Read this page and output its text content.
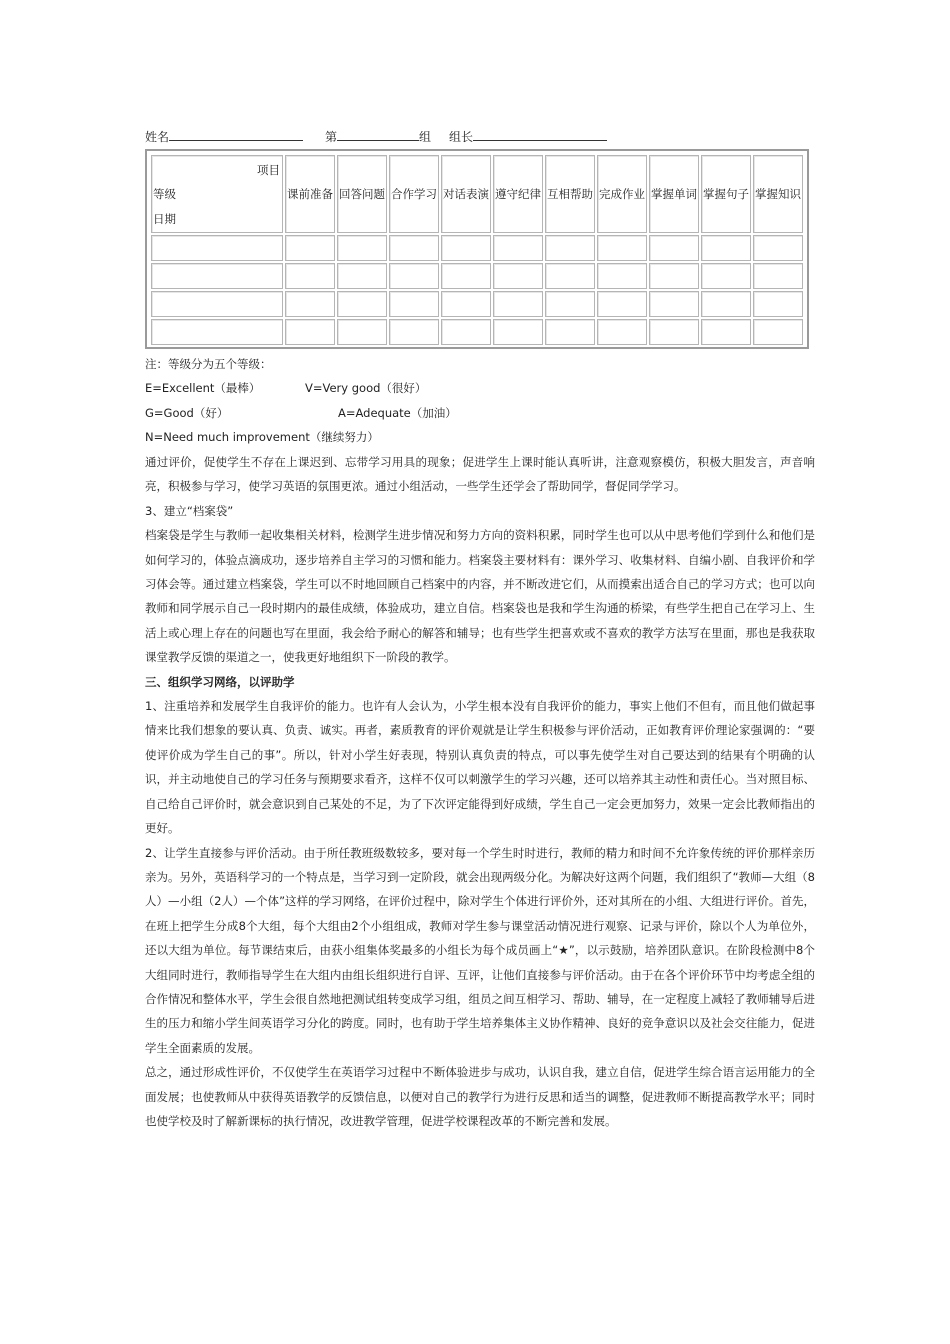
姓名	第	组 组长
项目
等级
日期	课前准备	回答问题	合作学习	对话表演	遵守纪律	互相帮助	完成作业	掌握单词	掌握句子	掌握知识

注：等级分为五个等级：

E=Excellent（最棒）	V=Very good（很好）
G=Good（好）	A=Adequate（加油）

N=Need much improvement（继续努力）

通过评价，促使学生不存在上课迟到、忘带学习用具的现象；促进学生上课时能认真听讲，注意观察模仿，积极大胆发言，声音响亮，积极参与学习，使学习英语的氛围更浓。通过小组活动，一些学生还学会了帮助同学，督促同学学习。

3、建立“档案袋”

档案袋是学生与教师一起收集相关材料，检测学生进步情况和努力方向的资料积累，同时学生也可以从中思考他们学到什么和他们是如何学习的，体验点滴成功，逐步培养自主学习的习惯和能力。档案袋主要材料有：课外学习、收集材料、自编小剧、自我评价和学习体会等。通过建立档案袋，学生可以不时地回顾自己档案中的内容，并不断改进它们，从而摸索出适合自己的学习方式；也可以向教师和同学展示自己一段时期内的最佳成绩，体验成功，建立自信。档案袋也是我和学生沟通的桥梁，有些学生把自己在学习上、生活上或心理上存在的问题也写在里面，我会给予耐心的解答和辅导；也有些学生把喜欢或不喜欢的教学方法写在里面，那也是我获取课堂教学反馈的渠道之一，使我更好地组织下一阶段的教学。

三、组织学习网络，以评助学

1、注重培养和发展学生自我评价的能力。也许有人会认为，小学生根本没有自我评价的能力，事实上他们不但有，而且他们做起事情来比我们想象的要认真、负责、诚实。再者，素质教育的评价观就是让学生积极参与评价活动，正如教育评价理论家强调的：“要使评价成为学生自己的事”。所以，针对小学生好表现，特别认真负责的特点，可以事先使学生对自己要达到的结果有个明确的认识，并主动地使自己的学习任务与预期要求看齐，这样不仅可以刺激学生的学习兴趣，还可以培养其主动性和责任心。当对照目标、自己给自己评价时，就会意识到自己某处的不足，为了下次评定能得到好成绩，学生自己一定会更加努力，效果一定会比教师指出的更好。

2、让学生直接参与评价活动。由于所任教班级数较多，要对每一个学生时时进行，教师的精力和时间不允许象传统的评价那样亲历亲为。另外，英语科学习的一个特点是，当学习到一定阶段，就会出现两级分化。为解决好这两个问题，我们组织了“教师—大组（8人）—小组（2人）—个体”这样的学习网络，在评价过程中，除对学生个体进行评价外，还对其所在的小组、大组进行评价。首先，在班上把学生分成8个大组，每个大组由2个小组组成，教师对学生参与课堂活动情况进行观察、记录与评价，除以个人为单位外，还以大组为单位。每节课结束后，由获小组集体奖最多的小组长为每个成员画上“★”，以示鼓励，培养团队意识。在阶段检测中8个大组同时进行，教师指导学生在大组内由组长组织进行自评、互评，让他们直接参与评价活动。由于在各个评价环节中均考虑全组的合作情况和整体水平，学生会很自然地把测试组转变成学习组，组员之间互相学习、帮助、辅导，在一定程度上减轻了教师辅导后进生的压力和缩小学生间英语学习分化的跨度。同时，也有助于学生培养集体主义协作精神、良好的竞争意识以及社会交往能力，促进学生全面素质的发展。

总之，通过形成性评价，不仅使学生在英语学习过程中不断体验进步与成功，认识自我，建立自信，促进学生综合语言运用能力的全面发展；也使教师从中获得英语教学的反馈信息，以便对自己的教学行为进行反思和适当的调整，促进教师不断提高教学水平；同时也使学校及时了解新课标的执行情况，改进教学管理，促进学校课程改革的不断完善和发展。
